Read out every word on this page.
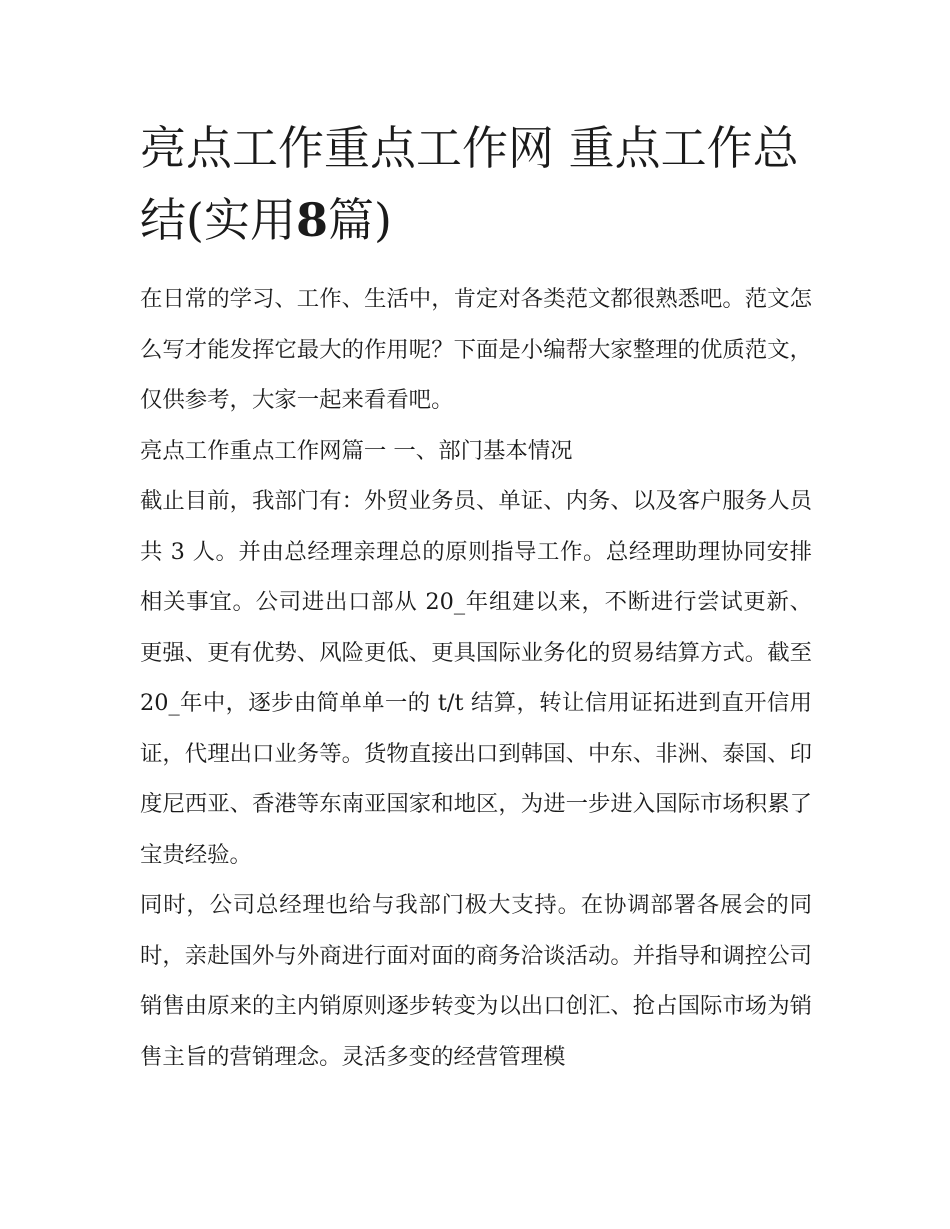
亮点工作重点工作网 重点工作总结(实用8篇)

在日常的学习、工作、生活中，肯定对各类范文都很熟悉吧。范文怎么写才能发挥它最大的作用呢？下面是小编帮大家整理的优质范文，仅供参考，大家一起来看看吧。

亮点工作重点工作网篇一 一、部门基本情况

截止目前，我部门有：外贸业务员、单证、内务、以及客户服务人员共 3 人。并由总经理亲理总的原则指导工作。总经理助理协同安排相关事宜。公司进出口部从 20_年组建以来，不断进行尝试更新、更强、更有优势、风险更低、更具国际业务化的贸易结算方式。截至 20_年中，逐步由简单单一的 t/t 结算，转让信用证拓进到直开信用证，代理出口业务等。货物直接出口到韩国、中东、非洲、泰国、印度尼西亚、香港等东南亚国家和地区，为进一步进入国际市场积累了宝贵经验。

同时，公司总经理也给与我部门极大支持。在协调部署各展会的同时，亲赴国外与外商进行面对面的商务洽谈活动。并指导和调控公司销售由原来的主内销原则逐步转变为以出口创汇、抢占国际市场为销售主旨的营销理念。灵活多变的经营管理模
